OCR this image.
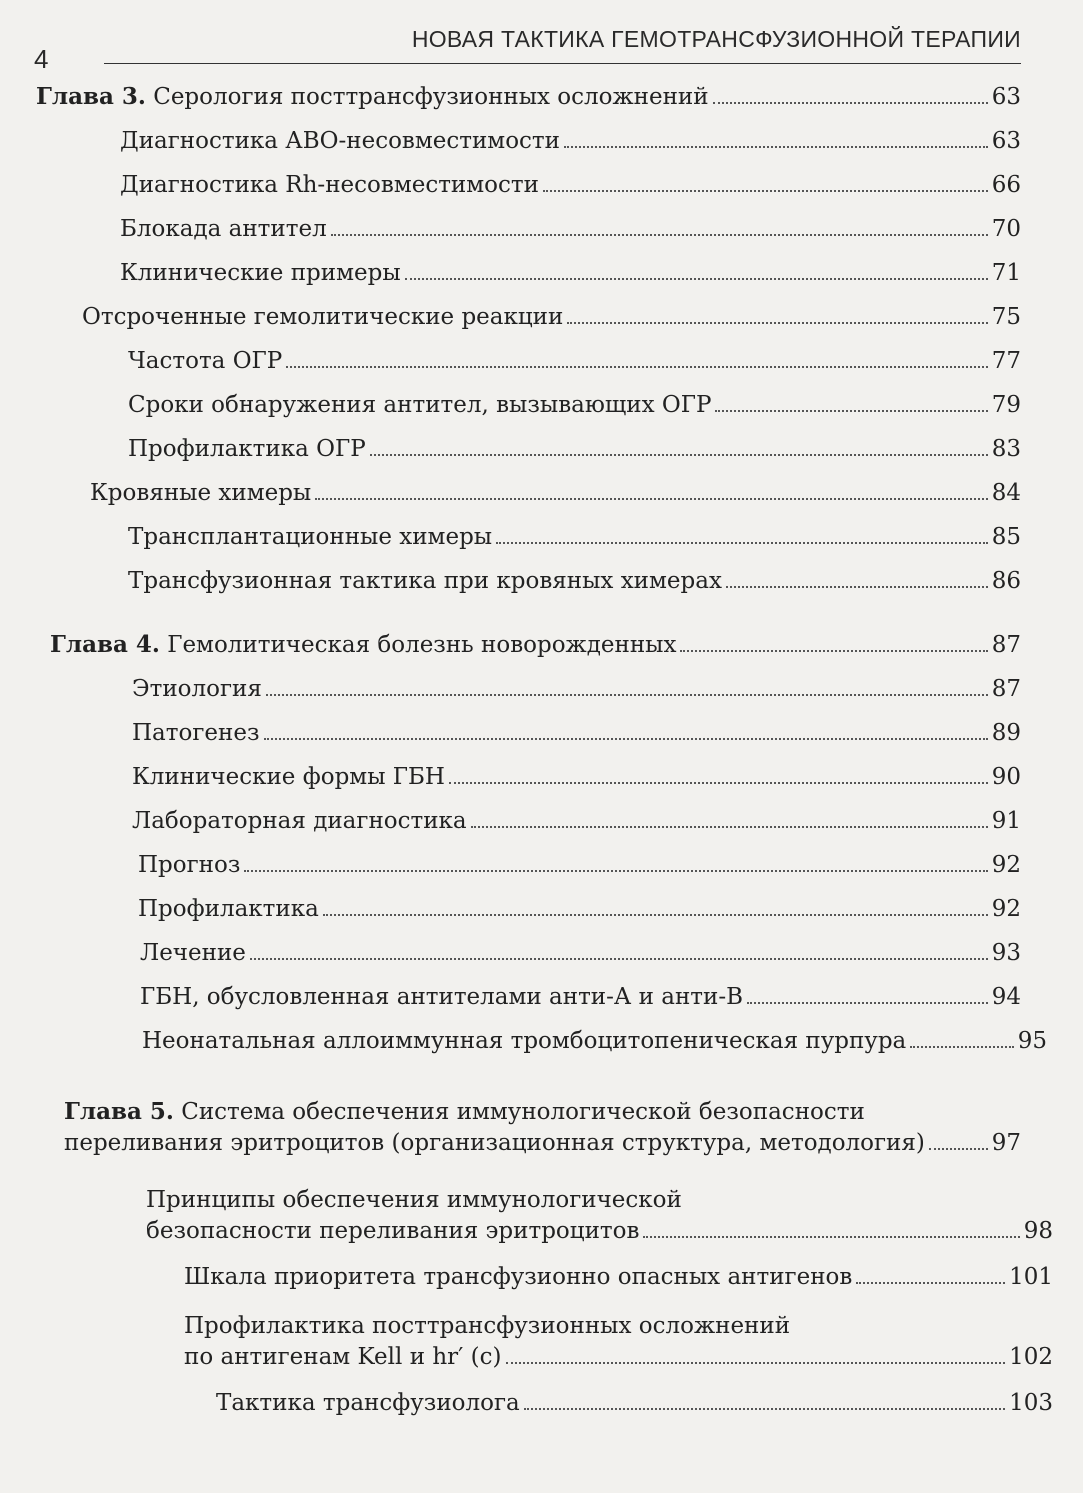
4
НОВАЯ ТАКТИКА ГЕМОТРАНСФУЗИОННОЙ ТЕРАПИИ
Глава 3. Серология посттрансфузионных осложнений	63
Диагностика АВО-несовместимости	63
Диагностика Rh-несовместимости	66
Блокада антител	70
Клинические примеры	71
Отсроченные гемолитические реакции	75
Частота ОГР	77
Сроки обнаружения антител, вызывающих ОГР	79
Профилактика ОГР	83
Кровяные химеры	84
Трансплантационные химеры	85
Трансфузионная тактика при кровяных химерах	86
Глава 4. Гемолитическая болезнь новорожденных	87
Этиология	87
Патогенез	89
Клинические формы ГБН	90
Лабораторная диагностика	91
Прогноз	92
Профилактика	92
Лечение	93
ГБН, обусловленная антителами анти-А и анти-В	94
Неонатальная аллоиммунная тромбоцитопеническая пурпура	95
Глава 5. Система обеспечения иммунологической безопасности
переливания эритроцитов (организационная структура, методология)	97
Принципы обеспечения иммунологической
безопасности переливания эритроцитов	98
Шкала приоритета трансфузионно опасных антигенов	101
Профилактика посттрансфузионных осложнений
по антигенам Kell и hr′ (c)	102
Тактика трансфузиолога	103
